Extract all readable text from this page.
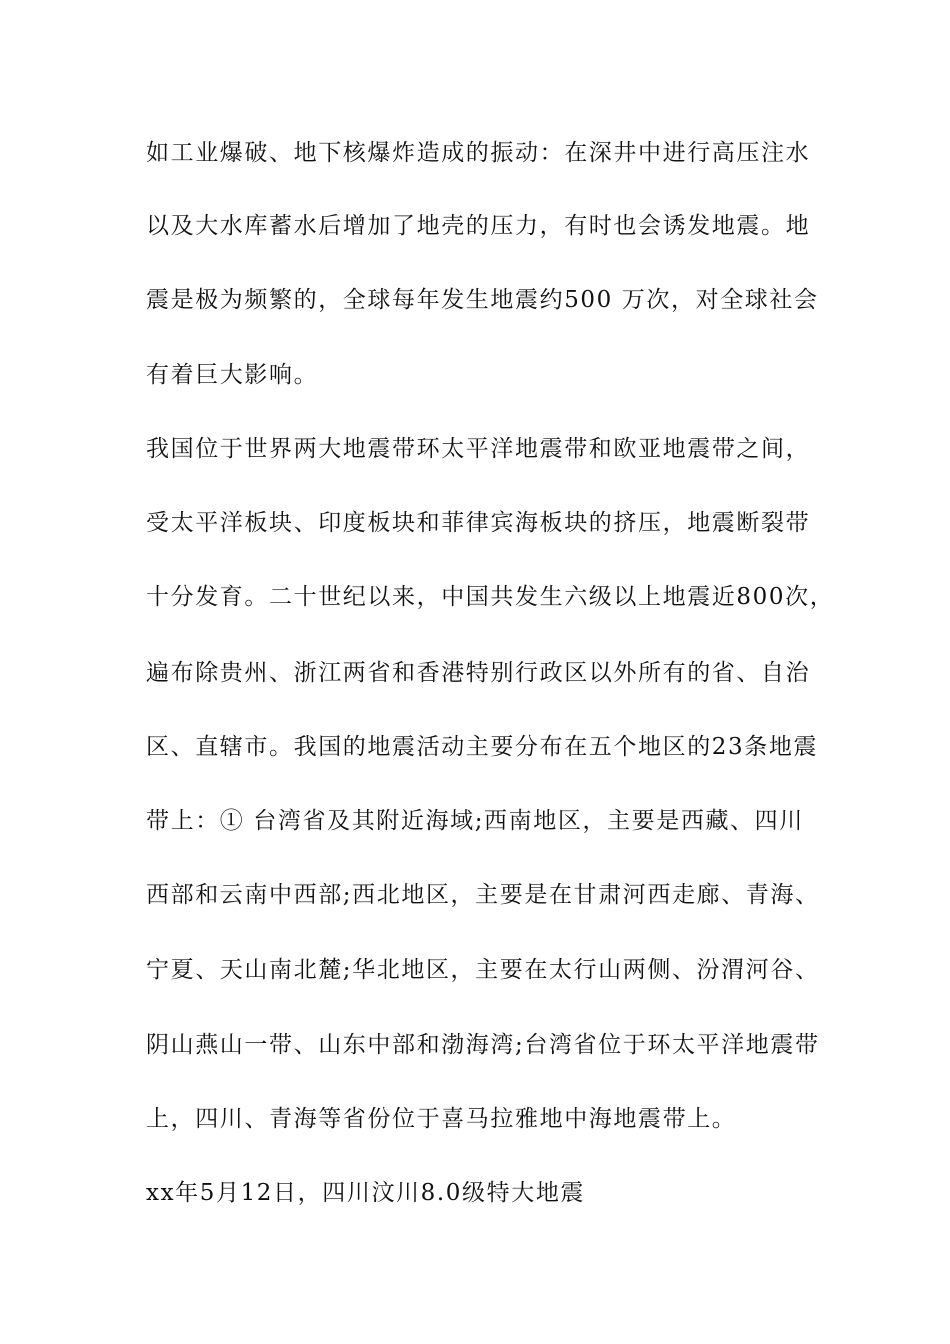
如工业爆破、地下核爆炸造成的振动：在深井中进行高压注水
以及大水库蓄水后增加了地壳的压力，有时也会诱发地震。地
震是极为频繁的，全球每年发生地震约500 万次，对全球社会
有着巨大影响。
我国位于世界两大地震带环太平洋地震带和欧亚地震带之间，
受太平洋板块、印度板块和菲律宾海板块的挤压，地震断裂带
十分发育。二十世纪以来，中国共发生六级以上地震近800次，
遍布除贵州、浙江两省和香港特别行政区以外所有的省、自治
区、直辖市。我国的地震活动主要分布在五个地区的23条地震
带上：① 台湾省及其附近海域;西南地区，主要是西藏、四川
西部和云南中西部;西北地区，主要是在甘肃河西走廊、青海、
宁夏、天山南北麓;华北地区，主要在太行山两侧、汾渭河谷、
阴山燕山一带、山东中部和渤海湾;台湾省位于环太平洋地震带
上，四川、青海等省份位于喜马拉雅地中海地震带上。
xx年5月12日，四川汶川8.0级特大地震
